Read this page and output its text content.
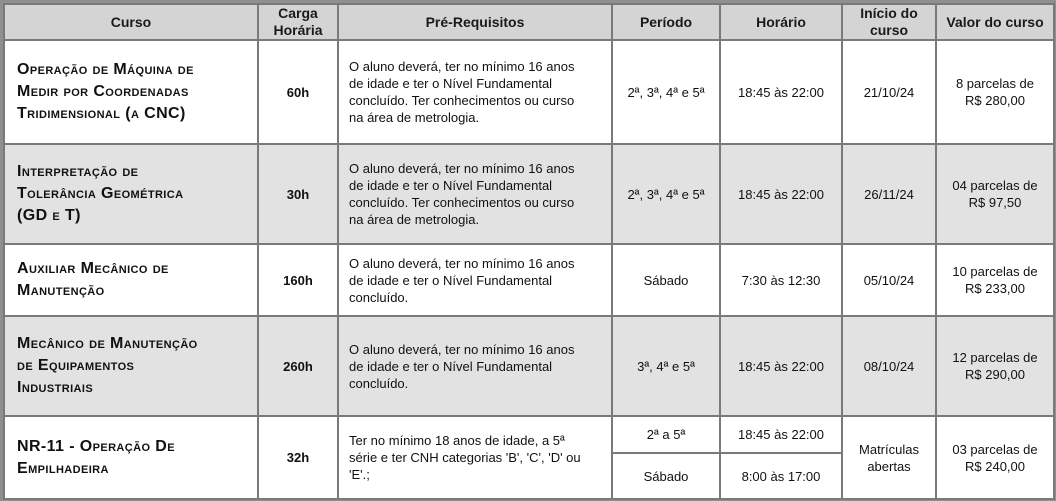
Curso	Carga
Horária	Pré-Requisitos	Período	Horário	Início do
curso	Valor do curso
Operação de Máquina de
Medir por Coordenadas
Tridimensional (a CNC)	60h	O aluno deverá, ter no mínimo 16 anos
de idade e ter o Nível Fundamental
concluído. Ter conhecimentos ou curso
na área de metrologia.	2ª, 3ª, 4ª e 5ª	18:45 às 22:00	21/10/24	8 parcelas de
R$ 280,00
Interpretação de
Tolerância Geométrica
(GD e T)	30h	O aluno deverá, ter no mínimo 16 anos
de idade e ter o Nível Fundamental
concluído. Ter conhecimentos ou curso
na área de metrologia.	2ª, 3ª, 4ª e 5ª	18:45 às 22:00	26/11/24	04 parcelas de
R$ 97,50
Auxiliar Mecânico de
Manutenção	160h	O aluno deverá, ter no mínimo 16 anos
de idade e ter o Nível Fundamental
concluído.	Sábado	7:30 às 12:30	05/10/24	10 parcelas de
R$ 233,00
Mecânico de Manutenção
de Equipamentos
Industriais	260h	O aluno deverá, ter no mínimo 16 anos
de idade e ter o Nível Fundamental
concluído.	3ª, 4ª e 5ª	18:45 às 22:00	08/10/24	12 parcelas de
R$ 290,00
NR-11 - Operação De
Empilhadeira	32h	Ter no mínimo 18 anos de idade, a 5ª
série e ter CNH categorias 'B', 'C', 'D' ou
'E'.;	2ª a 5ª	18:45 às 22:00	Matrículas
abertas	03 parcelas de
R$ 240,00
			Sábado	8:00 às 17:00		
